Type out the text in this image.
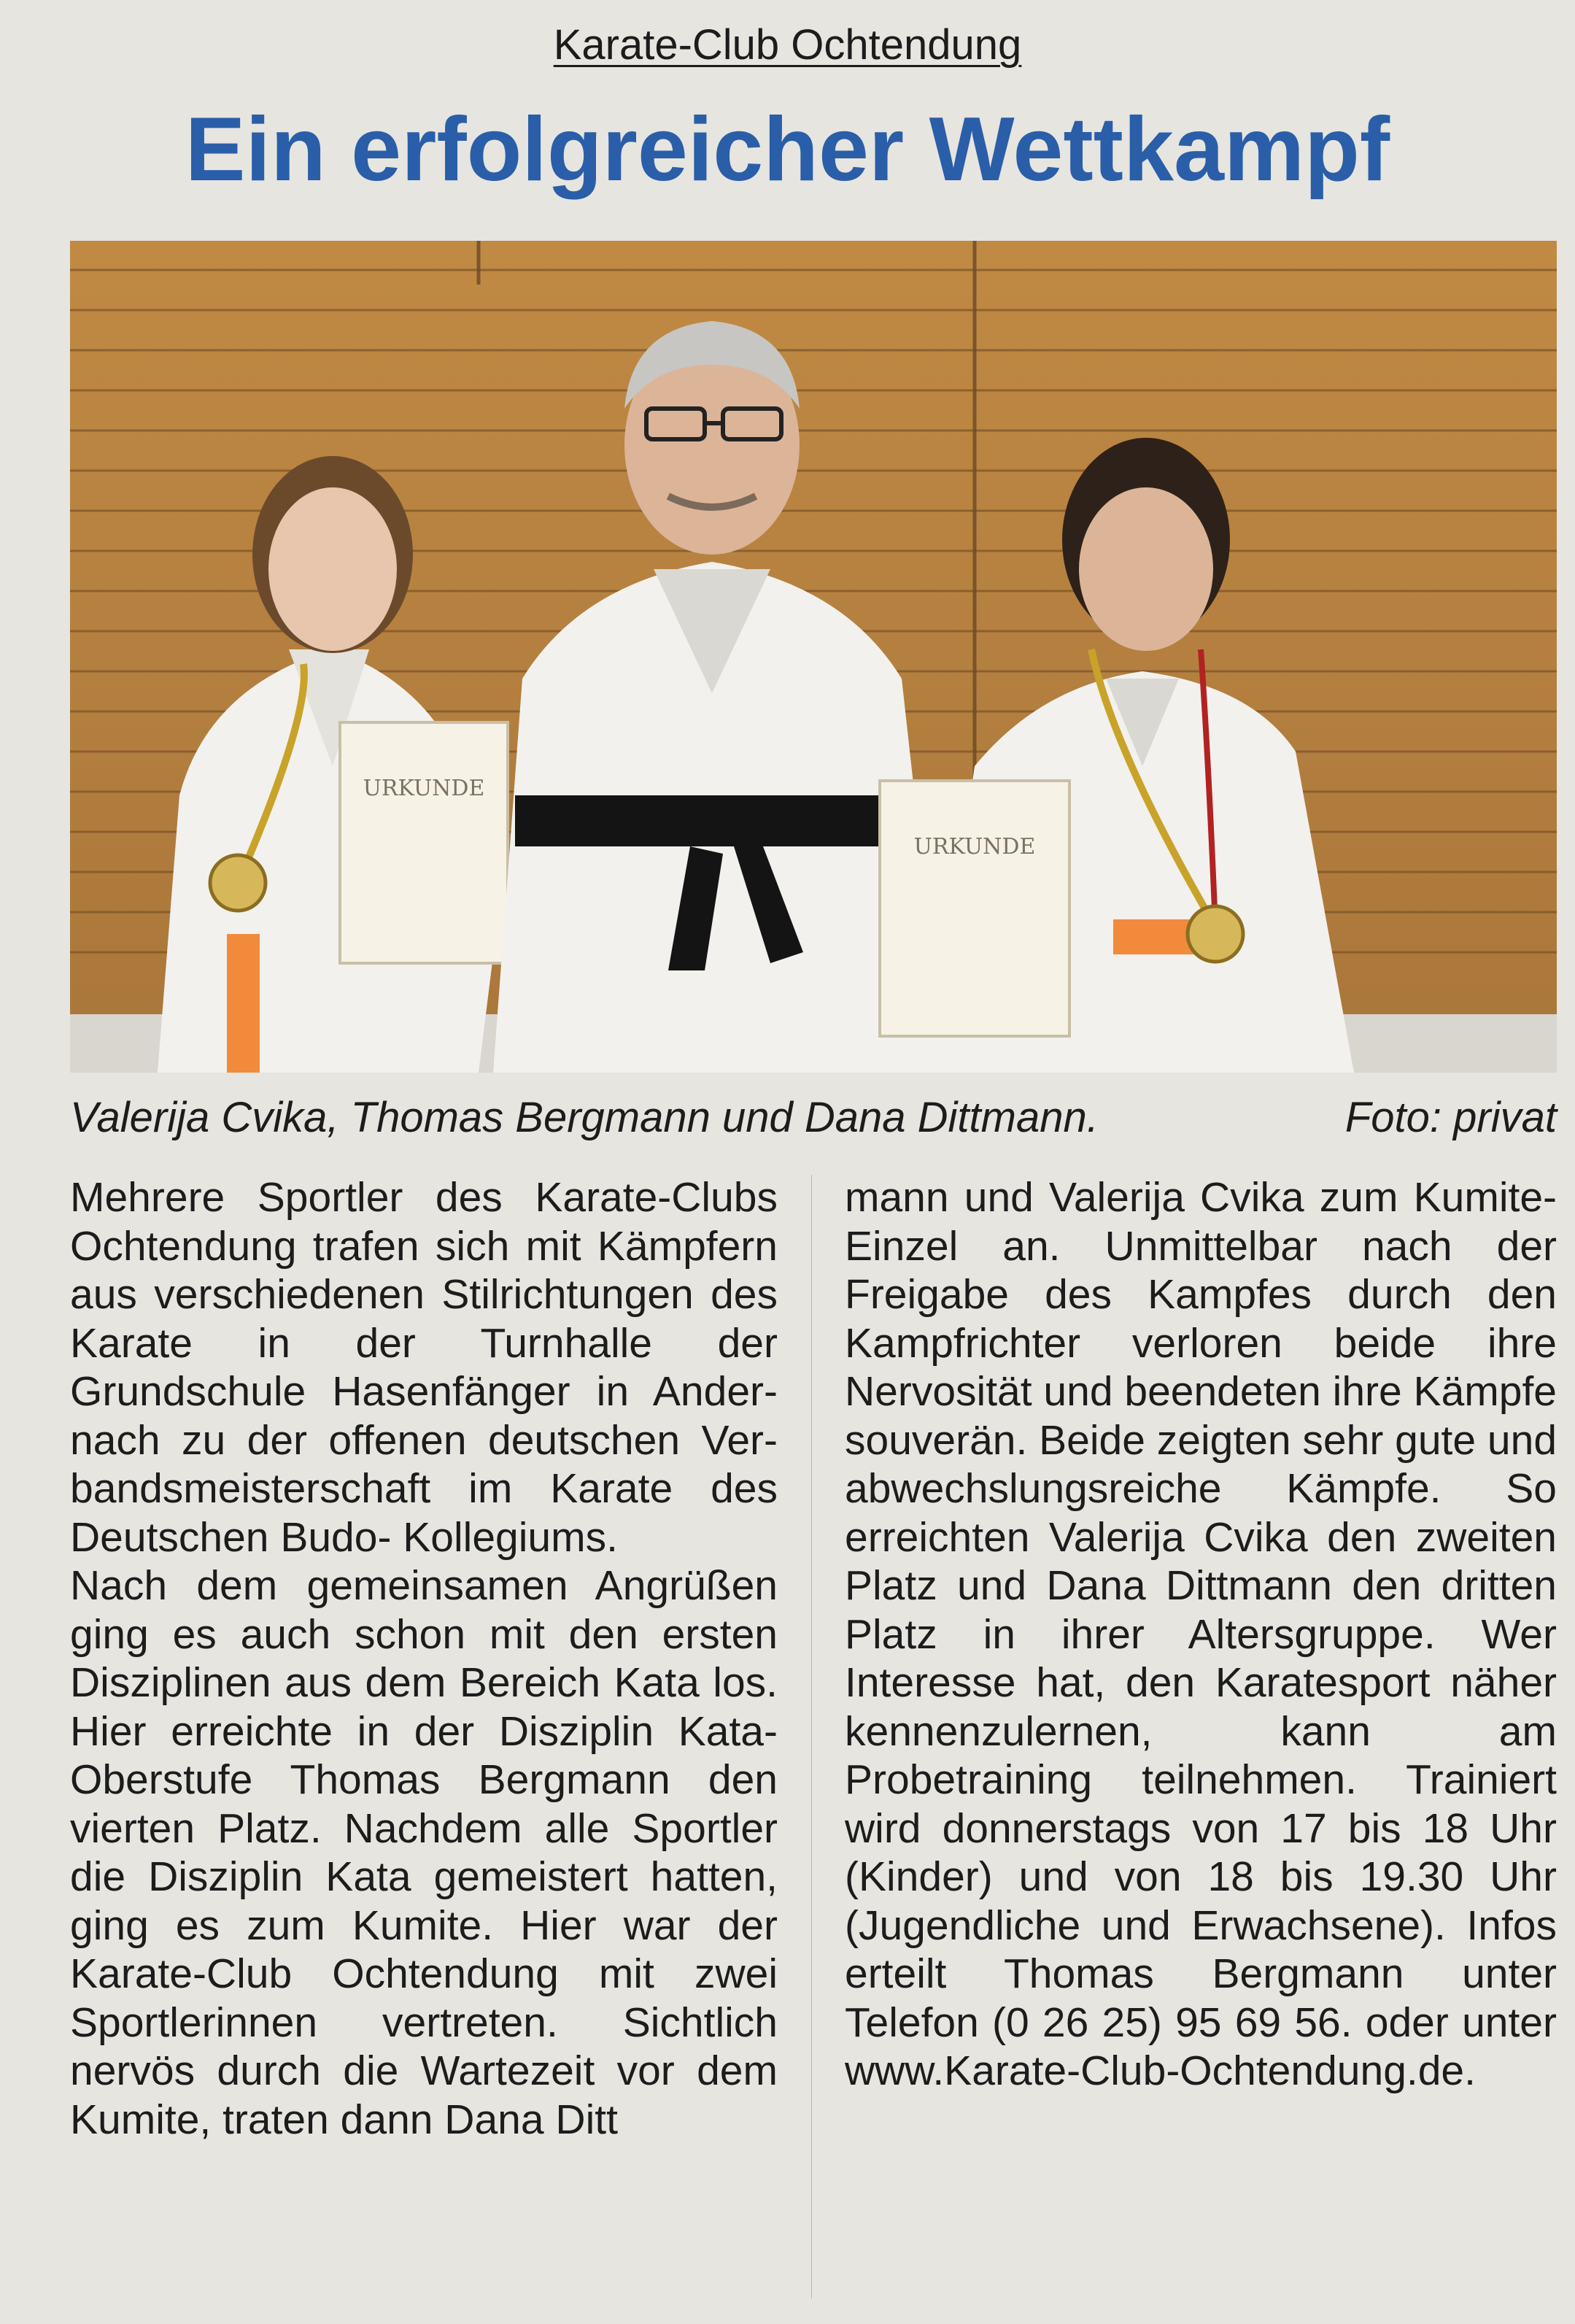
Karate-Club Ochtendung
Ein erfolgreicher Wettkampf
URKUNDE
URKUNDE
Valerija Cvika, Thomas Bergmann und Dana Dittmann.	Foto: privat

Mehrere Sportler des Karate-Clubs Ochtendung trafen sich mit Kämpfern aus verschiedenen Stilrichtungen des Karate in der Turnhalle der Grundschule Hasenfänger in Andernach zu der offenen deutschen Verbandsmeisterschaft im Karate des Deutschen Budo- Kollegiums.

Nach dem gemeinsamen Angrüßen ging es auch schon mit den ersten Disziplinen aus dem Bereich Kata los. Hier erreichte in der Disziplin Kata-Oberstufe Thomas Bergmann den vierten Platz. Nachdem alle Sportler die Disziplin Kata gemeistert hatten, ging es zum Kumite. Hier war der Karate-Club Ochtendung mit zwei Sportlerinnen vertreten. Sichtlich nervös durch die Wartezeit vor dem Kumite, traten dann Dana Ditt

mann und Valerija Cvika zum Kumite-Einzel an. Unmittelbar nach der Freigabe des Kampfes durch den Kampfrichter verloren beide ihre Nervosität und beendeten ihre Kämpfe souverän. Beide zeigten sehr gute und abwechslungsreiche Kämpfe. So erreichten Valerija Cvika den zweiten Platz und Dana Dittmann den dritten Platz in ihrer Altersgruppe. Wer Interesse hat, den Karatesport näher kennenzulernen, kann am Probetraining teilnehmen. Trainiert wird donnerstags von 17 bis 18 Uhr (Kinder) und von 18 bis 19.30 Uhr (Jugendliche und Erwachsene). Infos erteilt Thomas Bergmann unter Telefon (0 26 25) 95 69 56. oder unter www.Karate-Club-Ochtendung.de.
